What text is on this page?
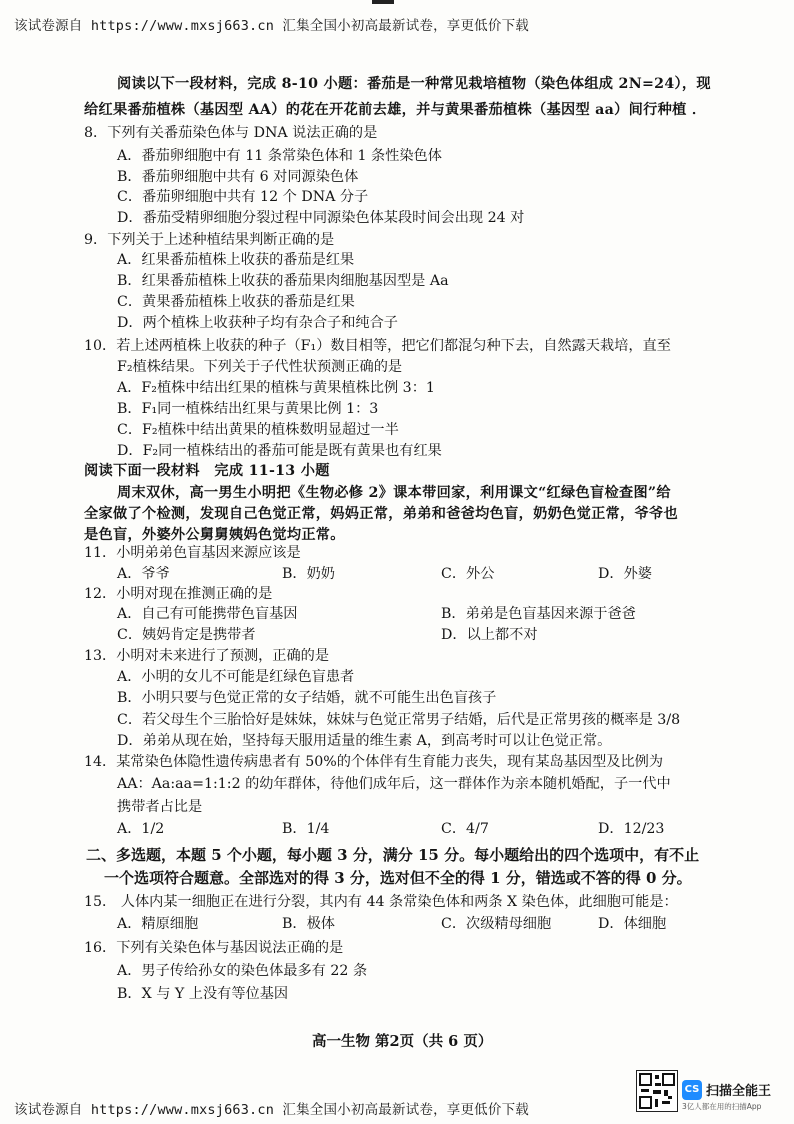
该试卷源自 https://www.mxsj663.cn 汇集全国小初高最新试卷，享更低价下载
阅读以下一段材料，完成 8-10 小题：番茄是一种常见栽培植物（染色体组成 2N=24），现
给红果番茄植株（基因型 AA）的花在开花前去雄，并与黄果番茄植株（基因型 aa）间行种植 ．
8．下列有关番茄染色体与 DNA 说法正确的是
A．番茄卵细胞中有 11 条常染色体和 1 条性染色体
B．番茄卵细胞中共有 6 对同源染色体
C．番茄卵细胞中共有 12 个 DNA 分子
D．番茄受精卵细胞分裂过程中同源染色体某段时间会出现 24 对
9．下列关于上述种植结果判断正确的是
A．红果番茄植株上收获的番茄是红果
B．红果番茄植株上收获的番茄果肉细胞基因型是 Aa
C．黄果番茄植株上收获的番茄是红果
D．两个植株上收获种子均有杂合子和纯合子
10．若上述两植株上收获的种子（F₁）数目相等，把它们都混匀种下去，自然露天栽培，直至
F₂植株结果。下列关于子代性状预测正确的是
A．F₂植株中结出红果的植株与黄果植株比例 3：1
B．F₁同一植株结出红果与黄果比例 1：3
C．F₂植株中结出黄果的植株数明显超过一半
D．F₂同一植株结出的番茄可能是既有黄果也有红果
阅读下面一段材料　完成 11-13 小题
周末双休，高一男生小明把《生物必修 2》课本带回家，利用课文“红绿色盲检查图”给
全家做了个检测，发现自己色觉正常，妈妈正常，弟弟和爸爸均色盲，奶奶色觉正常，爷爷也
是色盲，外婆外公舅舅姨妈色觉均正常。
11．小明弟弟色盲基因来源应该是
A．爷爷	B．奶奶	C．外公	D．外婆
12．小明对现在推测正确的是
A．自己有可能携带色盲基因	B．弟弟是色盲基因来源于爸爸
C．姨妈肯定是携带者	D．以上都不对
13．小明对未来进行了预测，正确的是
A．小明的女儿不可能是红绿色盲患者
B．小明只要与色觉正常的女子结婚，就不可能生出色盲孩子
C．若父母生个三胎恰好是妹妹，妹妹与色觉正常男子结婚，后代是正常男孩的概率是 3/8
D．弟弟从现在始，坚持每天服用适量的维生素 A，到高考时可以让色觉正常。
14．某常染色体隐性遗传病患者有 50%的个体伴有生育能力丧失，现有某岛基因型及比例为
AA：Aa:aa=1:1:2 的幼年群体，待他们成年后，这一群体作为亲本随机婚配，子一代中
携带者占比是
A．1/2	B．1/4	C．4/7	D．12/23
二、多选题，本题 5 个小题，每小题 3 分，满分 15 分。每小题给出的四个选项中，有不止
一个选项符合题意。全部选对的得 3 分，选对但不全的得 1 分，错选或不答的得 0 分。
15． 人体内某一细胞正在进行分裂，其内有 44 条常染色体和两条 X 染色体，此细胞可能是：
A．精原细胞	B．极体	C．次级精母细胞	D．体细胞
16．下列有关染色体与基因说法正确的是
A．男子传给孙女的染色体最多有 22 条
B．X 与 Y 上没有等位基因
高一生物 第2页（共 6 页）
该试卷源自 https://www.mxsj663.cn 汇集全国小初高最新试卷，享更低价下载
CS 扫描全能王
3亿人都在用的扫描App
